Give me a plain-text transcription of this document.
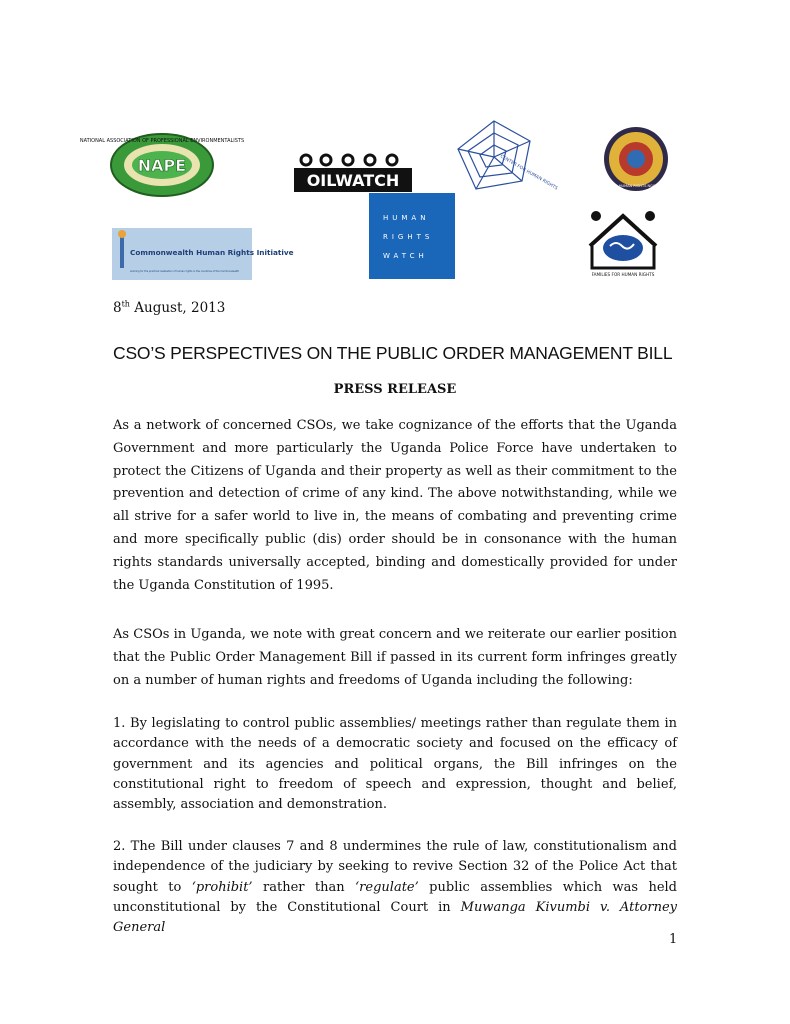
NATIONAL ASSOCIATION OF PROFESSIONAL ENVIRONMENTALISTS
NAPE
OILWATCH	CENTER FOR HUMAN RIGHTS	UGANDA HUMAN RIGHTS NGO FORUM
Commonwealth Human Rights Initiative
working for the practical realisation of human rights in the countries of the Commonwealth
HUMAN
RIGHTS
WATCH
FAMILIES FOR HUMAN RIGHTS
8th August, 2013
CSO’S PERSPECTIVES ON THE PUBLIC ORDER MANAGEMENT BILL
PRESS RELEASE

As a network of concerned CSOs, we take cognizance of the efforts that the Uganda Government and more particularly the Uganda Police Force have undertaken to protect the Citizens of Uganda and their property as well as their commitment to the prevention and detection of crime of any kind. The above notwithstanding, while we all strive for a safer world to live in, the means of combating and preventing crime and more specifically public (dis) order should be in consonance with the human rights standards universally accepted, binding and domestically provided for under the Uganda Constitution of 1995.

As CSOs in Uganda, we note with great concern and we reiterate our earlier position that the Public Order Management Bill if passed in its current form infringes greatly on a number of human rights and freedoms of Uganda including the following:

1. By legislating to control public assemblies/ meetings rather than regulate them in accordance with the needs of a democratic society and focused on the efficacy of government and its agencies and political organs, the Bill infringes on the constitutional right to freedom of speech and expression, thought and belief, assembly, association and demonstration.

2. The Bill under clauses 7 and 8 undermines the rule of law, constitutionalism and independence of the judiciary by seeking to revive Section 32 of the Police Act that sought to ‘prohibit’ rather than ‘regulate’ public assemblies which was held unconstitutional by the Constitutional Court in Muwanga Kivumbi v. Attorney General

1
